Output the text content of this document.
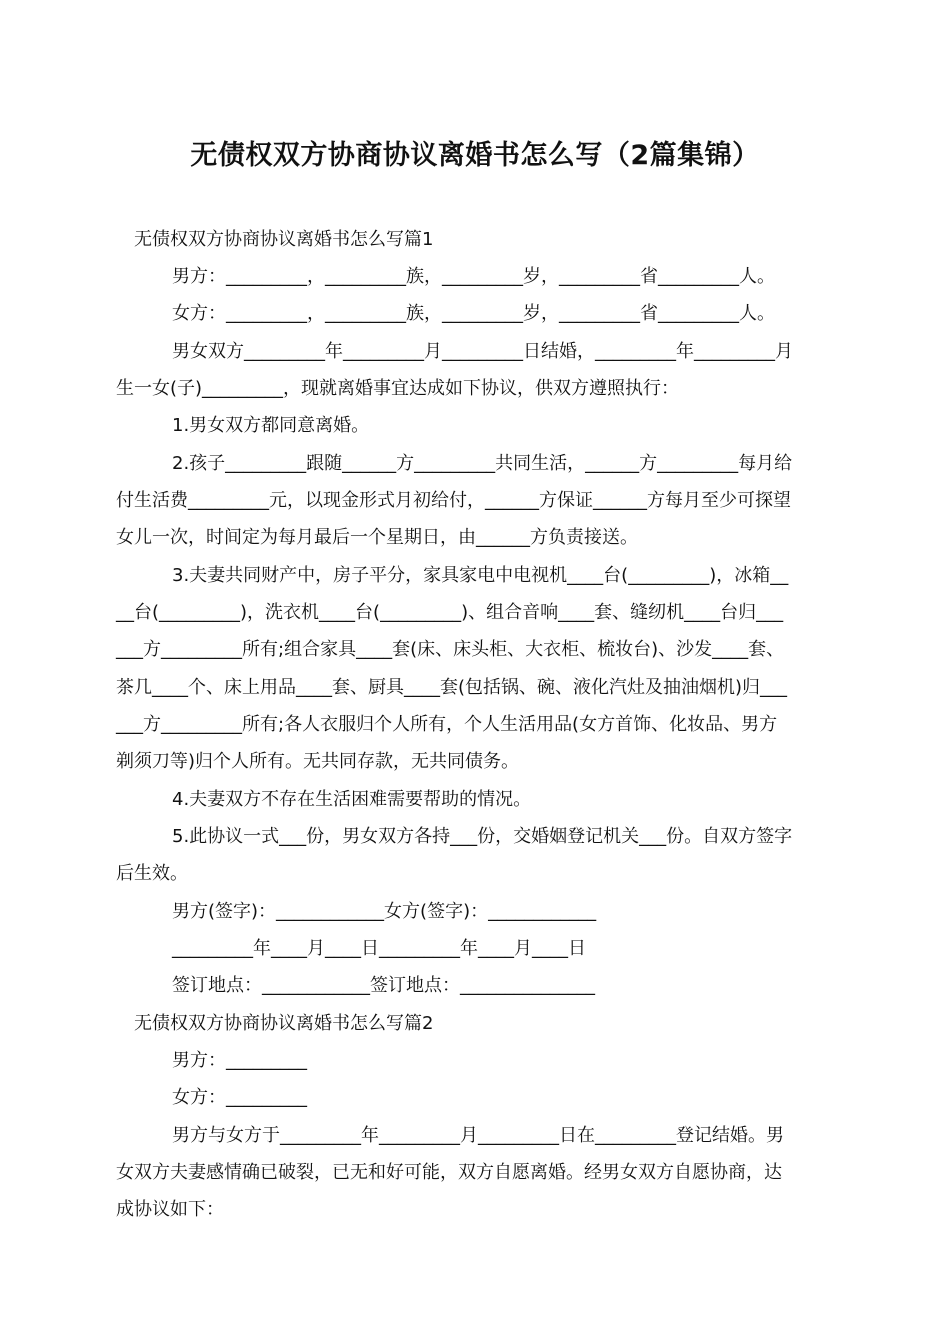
无债权双方协商协议离婚书怎么写（2篇集锦）

无债权双方协商协议离婚书怎么写篇1

男方：_________，_________族，_________岁，_________省_________人。

女方：_________，_________族，_________岁，_________省_________人。

男女双方_________年_________月_________日结婚，_________年_________月

生一女(子)_________，现就离婚事宜达成如下协议，供双方遵照执行：

1.男女双方都同意离婚。

2.孩子_________跟随______方_________共同生活，______方_________每月给

付生活费_________元，以现金形式月初给付，______方保证______方每月至少可探望

女儿一次，时间定为每月最后一个星期日，由______方负责接送。

3.夫妻共同财产中，房子平分，家具家电中电视机____台(_________)，冰箱__

__台(_________)，洗衣机____台(_________)、组合音响____套、缝纫机____台归___

___方_________所有;组合家具____套(床、床头柜、大衣柜、梳妆台)、沙发____套、

茶几____个、床上用品____套、厨具____套(包括锅、碗、液化汽灶及抽油烟机)归___

___方_________所有;各人衣服归个人所有，个人生活用品(女方首饰、化妆品、男方

剃须刀等)归个人所有。无共同存款，无共同债务。

4.夫妻双方不存在生活困难需要帮助的情况。

5.此协议一式___份，男女双方各持___份，交婚姻登记机关___份。自双方签字

后生效。

男方(签字)：____________女方(签字)：____________

_________年____月____日_________年____月____日

签订地点：____________签订地点：_______________

无债权双方协商协议离婚书怎么写篇2

男方：_________

女方：_________

男方与女方于_________年_________月_________日在_________登记结婚。男

女双方夫妻感情确已破裂，已无和好可能，双方自愿离婚。经男女双方自愿协商，达

成协议如下：
